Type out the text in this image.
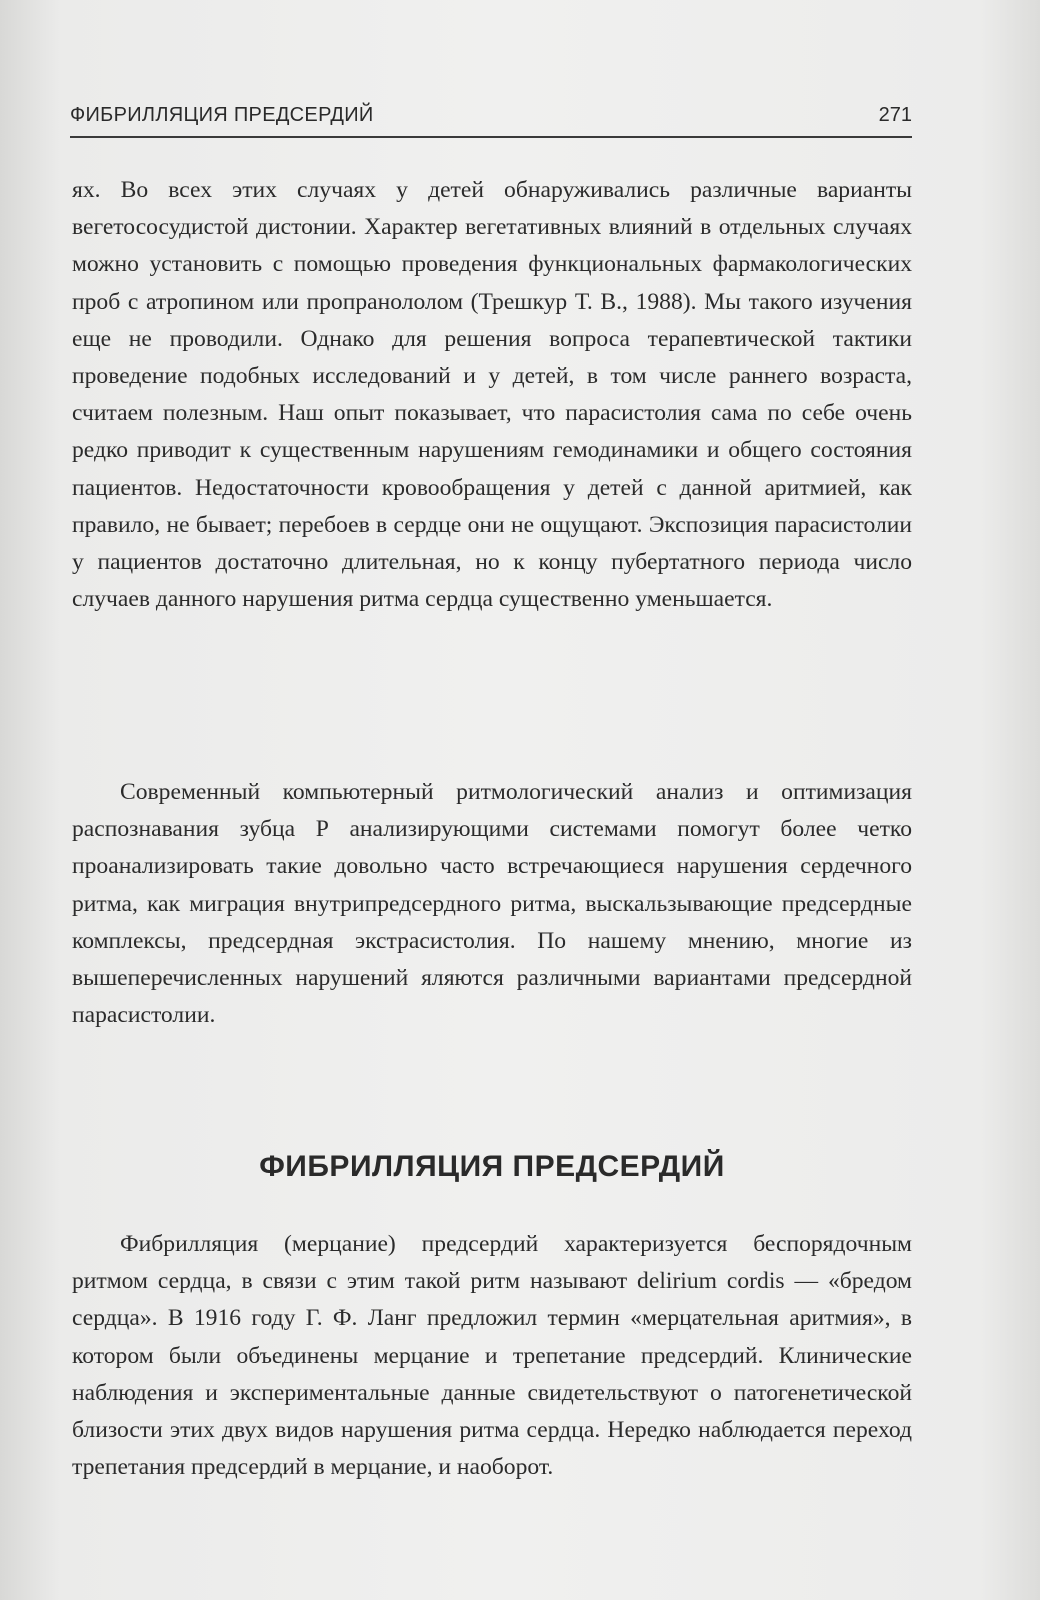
ФИБРИЛЛЯЦИЯ ПРЕДСЕРДИЙ	271

ях. Во всех этих случаях у детей обнаруживались различные варианты вегетососудистой дистонии. Характер вегетативных влияний в отдельных случаях можно установить с помощью проведения функциональных фармакологических проб с атропином или пропранололом (Трешкур Т. В., 1988). Мы такого изучения еще не проводили. Однако для решения вопроса терапевтической тактики проведение подобных исследований и у детей, в том числе раннего возраста, считаем полезным. Наш опыт показывает, что парасистолия сама по себе очень редко приводит к существенным нарушениям гемодинамики и общего состояния пациентов. Недостаточности кровообращения у детей с данной аритмией, как правило, не бывает; перебоев в сердце они не ощущают. Экспозиция парасистолии у пациентов достаточно длительная, но к концу пубертатного периода число случаев данного нарушения ритма сердца существенно уменьшается.

Современный компьютерный ритмологический анализ и оптимизация распознавания зубца Р анализирующими системами помогут более четко проанализировать такие довольно часто встречающиеся нарушения сердечного ритма, как миграция внутрипредсердного ритма, выскальзывающие предсердные комплексы, предсердная экстрасистолия. По нашему мнению, многие из вышеперечисленных нарушений яляются различными вариантами предсердной парасистолии.

ФИБРИЛЛЯЦИЯ ПРЕДСЕРДИЙ

Фибрилляция (мерцание) предсердий характеризуется беспорядочным ритмом сердца, в связи с этим такой ритм называют delirium cordis — «бредом сердца». В 1916 году Г. Ф. Ланг предложил термин «мерцательная аритмия», в котором были объединены мерцание и трепетание предсердий. Клинические наблюдения и экспериментальные данные свидетельствуют о патогенетической близости этих двух видов нарушения ритма сердца. Нередко наблюдается переход трепетания предсердий в мерцание, и наоборот.
